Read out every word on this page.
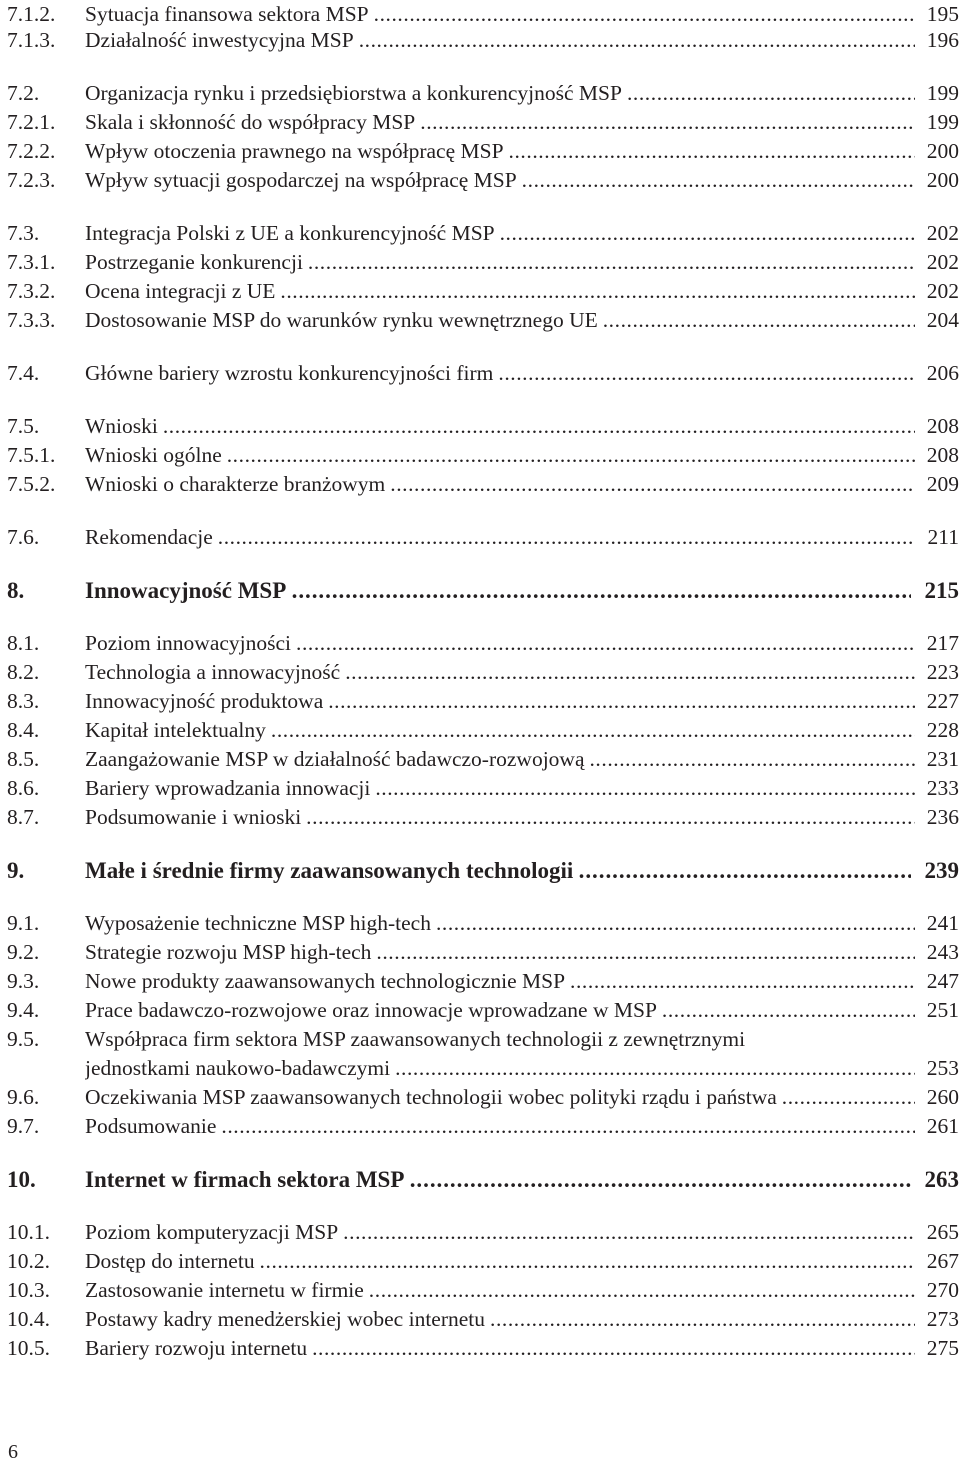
7.1.2. Sytuacja finansowa sektora MSP . . .	195
7.1.3. Działalność inwestycyjna MSP . . .	196
7.2. Organizacja rynku i przedsiębiorstwa a konkurencyjność MSP . . .	199
7.2.1. Skala i skłonność do współpracy MSP . . .	199
7.2.2. Wpływ otoczenia prawnego na współpracę MSP . . .	200
7.2.3. Wpływ sytuacji gospodarczej na współpracę MSP . . .	200
7.3. Integracja Polski z UE a konkurencyjność MSP . . .	202
7.3.1. Postrzeganie konkurencji . . .	202
7.3.2. Ocena integracji z UE . . .	202
7.3.3. Dostosowanie MSP do warunków rynku wewnętrznego UE . . .	204
7.4. Główne bariery wzrostu konkurencyjności firm . . .	206
7.5. Wnioski . . .	208
7.5.1. Wnioski ogólne . . .	208
7.5.2. Wnioski o charakterze branżowym . . .	209
7.6. Rekomendacje . . .	211
8.	Innowacyjność MSP . . .	215
8.1. Poziom innowacyjności . . .	217
8.2. Technologia a innowacyjność . . .	223
8.3. Innowacyjność produktowa . . .	227
8.4. Kapitał intelektualny . . .	228
8.5. Zaangażowanie MSP w działalność badawczo-rozwojową . . .	231
8.6. Bariery wprowadzania innowacji . . .	233
8.7. Podsumowanie i wnioski . . .	236
9.	Małe i średnie firmy zaawansowanych technologii . . .	239
9.1. Wyposażenie techniczne MSP high-tech . . .	241
9.2. Strategie rozwoju MSP high-tech . . .	243
9.3. Nowe produkty zaawansowanych technologicznie MSP . . .	247
9.4. Prace badawczo-rozwojowe oraz innowacje wprowadzane w MSP . . .	251
9.5. Współpraca firm sektora MSP zaawansowanych technologii z zewnętrznymi
jednostkami naukowo-badawczymi . . .	253
9.6. Oczekiwania MSP zaawansowanych technologii wobec polityki rządu i państwa . . .	260
9.7. Podsumowanie . . .	261
10. Internet w firmach sektora MSP . . .	263
10.1. Poziom komputeryzacji MSP . . .	265
10.2. Dostęp do internetu . . .	267
10.3. Zastosowanie internetu w firmie . . .	270
10.4. Postawy kadry menedżerskiej wobec internetu . . .	273
10.5. Bariery rozwoju internetu . . .	275
6
